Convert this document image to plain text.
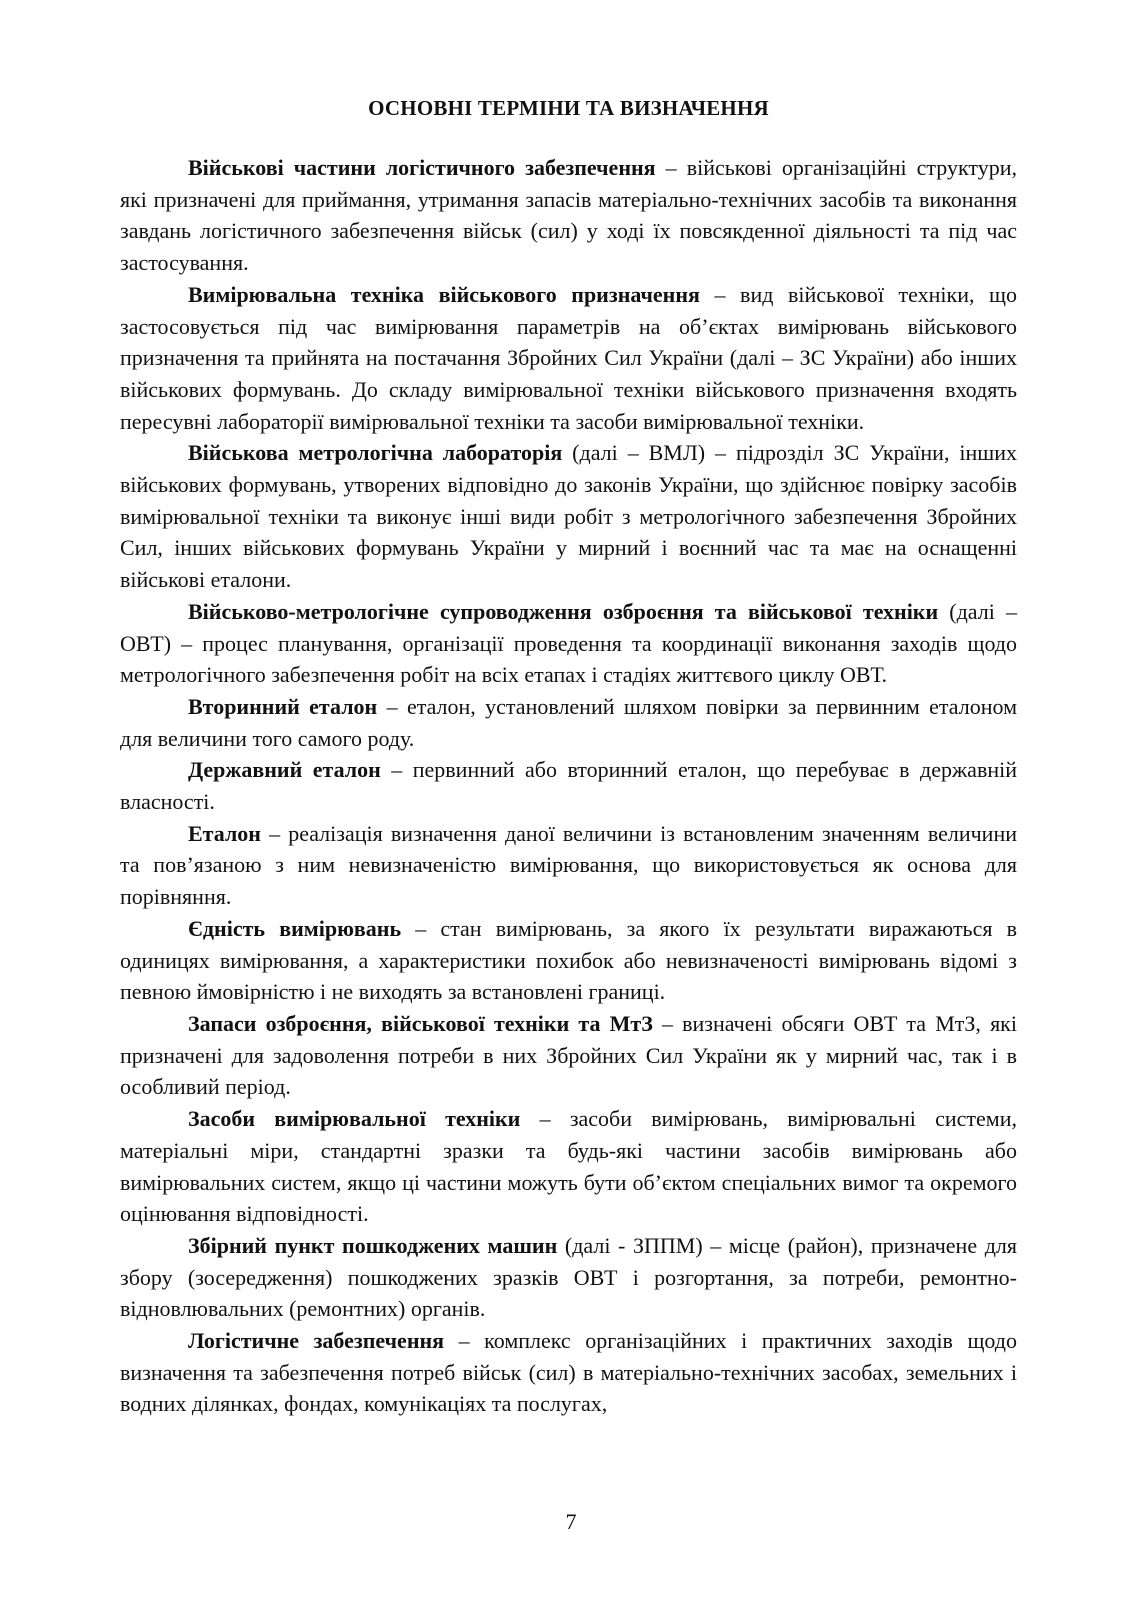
ОСНОВНІ ТЕРМІНИ ТА ВИЗНАЧЕННЯ

Військові частини логістичного забезпечення – військові організаційні структури, які призначені для приймання, утримання запасів матеріально-технічних засобів та виконання завдань логістичного забезпечення військ (сил) у ході їх повсякденної діяльності та під час застосування.

Вимірювальна техніка військового призначення – вид військової техніки, що застосовується під час вимірювання параметрів на об’єктах вимірювань військового призначення та прийнята на постачання Збройних Сил України (далі – ЗС України) або інших військових формувань. До складу вимірювальної техніки військового призначення входять пересувні лабораторії вимірювальної техніки та засоби вимірювальної техніки.

Військова метрологічна лабораторія (далі – ВМЛ) – підрозділ ЗС України, інших військових формувань, утворених відповідно до законів України, що здійснює повірку засобів вимірювальної техніки та виконує інші види робіт з метрологічного забезпечення Збройних Сил, інших військових формувань України у мирний і воєнний час та має на оснащенні військові еталони.

Військово-метрологічне супроводження озброєння та військової техніки (далі – ОВТ) – процес планування, організації проведення та координації виконання заходів щодо метрологічного забезпечення робіт на всіх етапах і стадіях життєвого циклу ОВТ.

Вторинний еталон – еталон, установлений шляхом повірки за первинним еталоном для величини того самого роду.

Державний еталон – первинний або вторинний еталон, що перебуває в державній власності.

Еталон – реалізація визначення даної величини із встановленим значенням величини та пов’язаною з ним невизначеністю вимірювання, що використовується як основа для порівняння.

Єдність вимірювань – стан вимірювань, за якого їх результати виражаються в одиницях вимірювання, а характеристики похибок або невизначеності вимірювань відомі з певною ймовірністю і не виходять за встановлені границі.

Запаси озброєння, військової техніки та МтЗ – визначені обсяги ОВТ та МтЗ, які призначені для задоволення потреби в них Збройних Сил України як у мирний час, так і в особливий період.

Засоби вимірювальної техніки – засоби вимірювань, вимірювальні системи, матеріальні міри, стандартні зразки та будь-які частини засобів вимірювань або вимірювальних систем, якщо ці частини можуть бути об’єктом спеціальних вимог та окремого оцінювання відповідності.

Збірний пункт пошкоджених машин (далі - ЗППМ) – місце (район), призначене для збору (зосередження) пошкоджених зразків ОВТ і розгортання, за потреби, ремонтно-відновлювальних (ремонтних) органів.

Логістичне забезпечення – комплекс організаційних і практичних заходів щодо визначення та забезпечення потреб військ (сил) в матеріально-технічних засобах, земельних і водних ділянках, фондах, комунікаціях та послугах,

7
